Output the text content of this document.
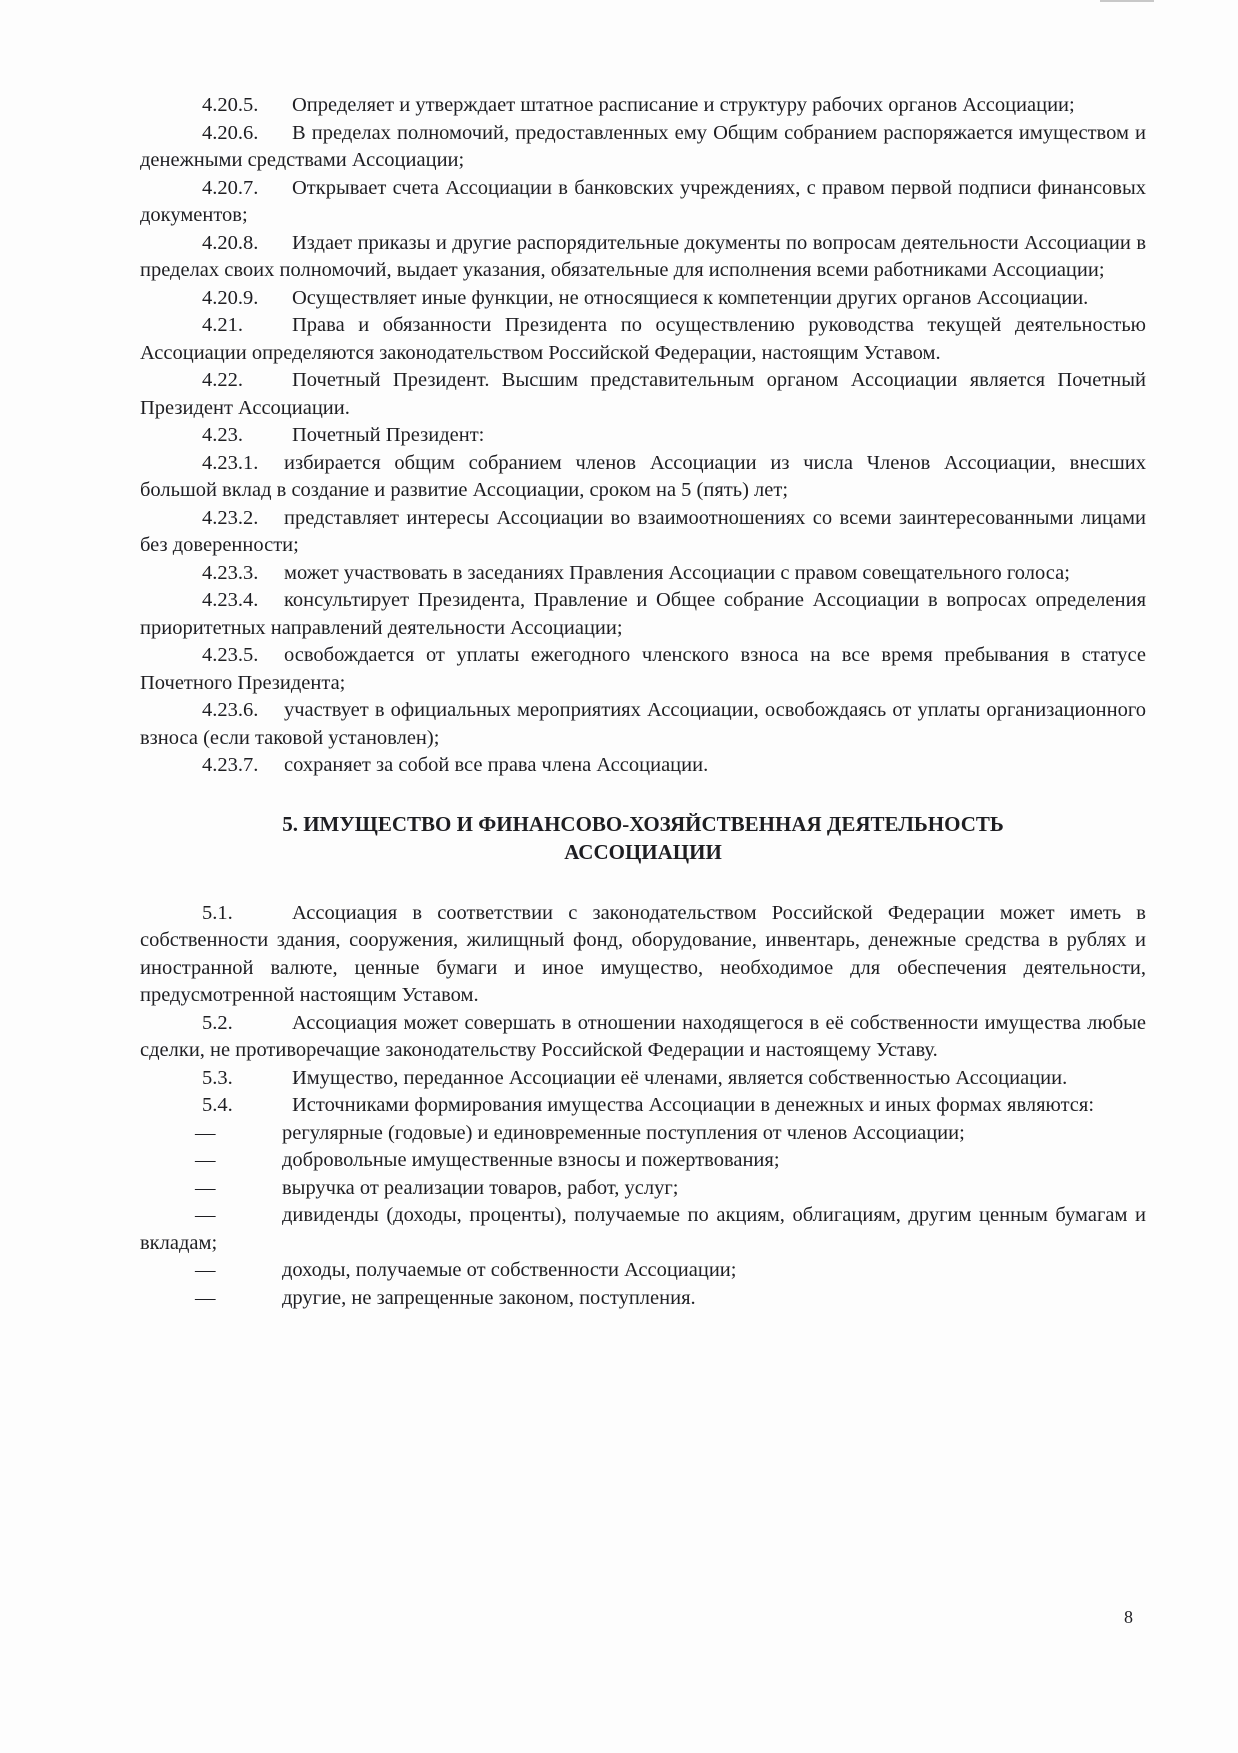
4.20.5. Определяет и утверждает штатное расписание и структуру рабочих органов Ассоциации;

4.20.6. В пределах полномочий, предоставленных ему Общим собранием распоряжается имуществом и денежными средствами Ассоциации;

4.20.7. Открывает счета Ассоциации в банковских учреждениях, с правом первой подписи финансовых документов;

4.20.8. Издает приказы и другие распорядительные документы по вопросам деятельности Ассоциации в пределах своих полномочий, выдает указания, обязательные для исполнения всеми работниками Ассоциации;

4.20.9. Осуществляет иные функции, не относящиеся к компетенции других органов Ассоциации.

4.21. Права и обязанности Президента по осуществлению руководства текущей деятельностью Ассоциации определяются законодательством Российской Федерации, настоящим Уставом.

4.22. Почетный Президент. Высшим представительным органом Ассоциации является Почетный Президент Ассоциации.

4.23. Почетный Президент:

4.23.1. избирается общим собранием членов Ассоциации из числа Членов Ассоциации, внесших большой вклад в создание и развитие Ассоциации, сроком на 5 (пять) лет;

4.23.2. представляет интересы Ассоциации во взаимоотношениях со всеми заинтересованными лицами без доверенности;

4.23.3. может участвовать в заседаниях Правления Ассоциации с правом совещательного голоса;

4.23.4. консультирует Президента, Правление и Общее собрание Ассоциации в вопросах определения приоритетных направлений деятельности Ассоциации;

4.23.5. освобождается от уплаты ежегодного членского взноса на все время пребывания в статусе Почетного Президента;

4.23.6. участвует в официальных мероприятиях Ассоциации, освобождаясь от уплаты организационного взноса (если таковой установлен);

4.23.7. сохраняет за собой все права члена Ассоциации.

5. ИМУЩЕСТВО И ФИНАНСОВО-ХОЗЯЙСТВЕННАЯ ДЕЯТЕЛЬНОСТЬ
АССОЦИАЦИИ

5.1.	Ассоциация в соответствии с законодательством Российской Федерации может иметь в собственности здания, сооружения, жилищный фонд, оборудование, инвентарь, денежные средства в рублях и иностранной валюте, ценные бумаги и иное имущество, необходимое для обеспечения деятельности, предусмотренной настоящим Уставом.

5.2.	Ассоциация может совершать в отношении находящегося в её собственности имущества любые сделки, не противоречащие законодательству Российской Федерации и настоящему Уставу.

5.3.	Имущество, переданное Ассоциации её членами, является собственностью Ассоциации.

5.4.	Источниками формирования имущества Ассоциации в денежных и иных формах являются:

—	регулярные (годовые) и единовременные поступления от членов Ассоциации;

—	добровольные имущественные взносы и пожертвования;

—	выручка от реализации товаров, работ, услуг;

—	дивиденды (доходы, проценты), получаемые по акциям, облигациям, другим ценным бумагам и вкладам;

—	доходы, получаемые от собственности Ассоциации;

—	другие, не запрещенные законом, поступления.

8
